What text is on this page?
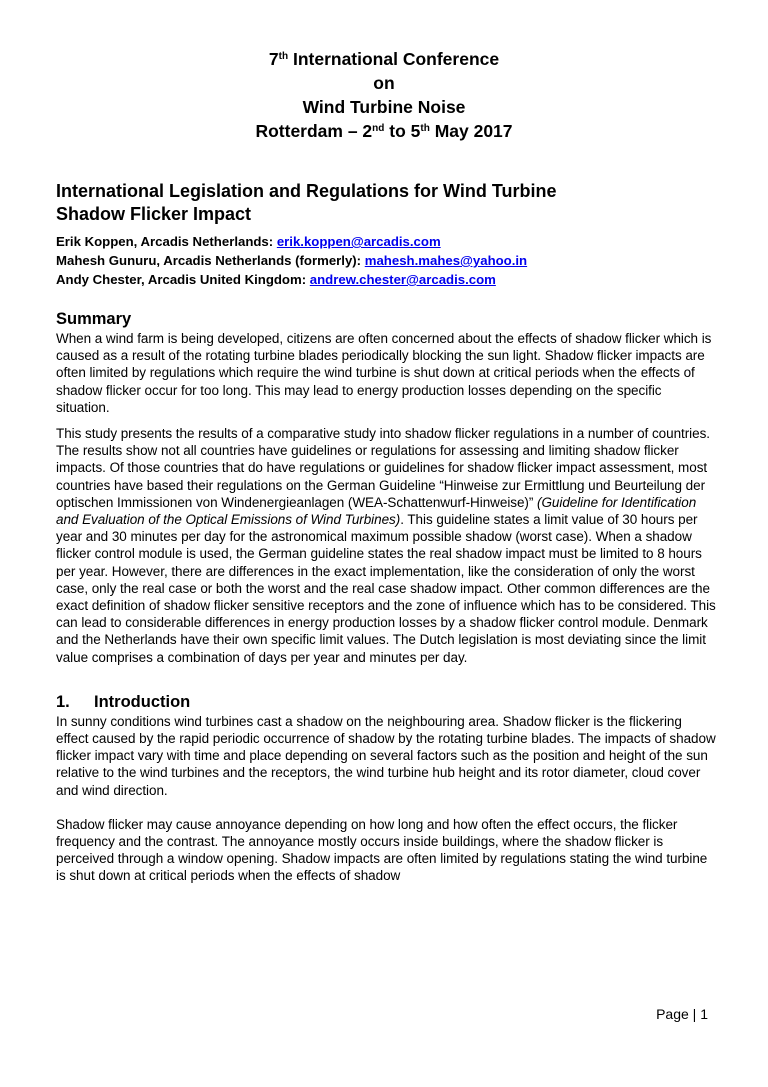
7th International Conference
on
Wind Turbine Noise
Rotterdam – 2nd to 5th May 2017
International Legislation and Regulations for Wind Turbine
Shadow Flicker Impact
Erik Koppen, Arcadis Netherlands: erik.koppen@arcadis.com
Mahesh Gunuru, Arcadis Netherlands (formerly): mahesh.mahes@yahoo.in
Andy Chester, Arcadis United Kingdom: andrew.chester@arcadis.com
Summary

When a wind farm is being developed, citizens are often concerned about the effects of shadow flicker which is caused as a result of the rotating turbine blades periodically blocking the sun light. Shadow flicker impacts are often limited by regulations which require the wind turbine is shut down at critical periods when the effects of shadow flicker occur for too long. This may lead to energy production losses depending on the specific situation.

This study presents the results of a comparative study into shadow flicker regulations in a number of countries. The results show not all countries have guidelines or regulations for assessing and limiting shadow flicker impacts. Of those countries that do have regulations or guidelines for shadow flicker impact assessment, most countries have based their regulations on the German Guideline “Hinweise zur Ermittlung und Beurteilung der optischen Immissionen von Windenergieanlagen (WEA-Schattenwurf-Hinweise)” (Guideline for Identification and Evaluation of the Optical Emissions of Wind Turbines). This guideline states a limit value of 30 hours per year and 30 minutes per day for the astronomical maximum possible shadow (worst case). When a shadow flicker control module is used, the German guideline states the real shadow impact must be limited to 8 hours per year. However, there are differences in the exact implementation, like the consideration of only the worst case, only the real case or both the worst and the real case shadow impact. Other common differences are the exact definition of shadow flicker sensitive receptors and the zone of influence which has to be considered. This can lead to considerable differences in energy production losses by a shadow flicker control module. Denmark and the Netherlands have their own specific limit values. The Dutch legislation is most deviating since the limit value comprises a combination of days per year and minutes per day.

1. Introduction

In sunny conditions wind turbines cast a shadow on the neighbouring area. Shadow flicker is the flickering effect caused by the rapid periodic occurrence of shadow by the rotating turbine blades. The impacts of shadow flicker impact vary with time and place depending on several factors such as the position and height of the sun relative to the wind turbines and the receptors, the wind turbine hub height and its rotor diameter, cloud cover and wind direction.

Shadow flicker may cause annoyance depending on how long and how often the effect occurs, the flicker frequency and the contrast. The annoyance mostly occurs inside buildings, where the shadow flicker is perceived through a window opening. Shadow impacts are often limited by regulations stating the wind turbine is shut down at critical periods when the effects of shadow

Page | 1
